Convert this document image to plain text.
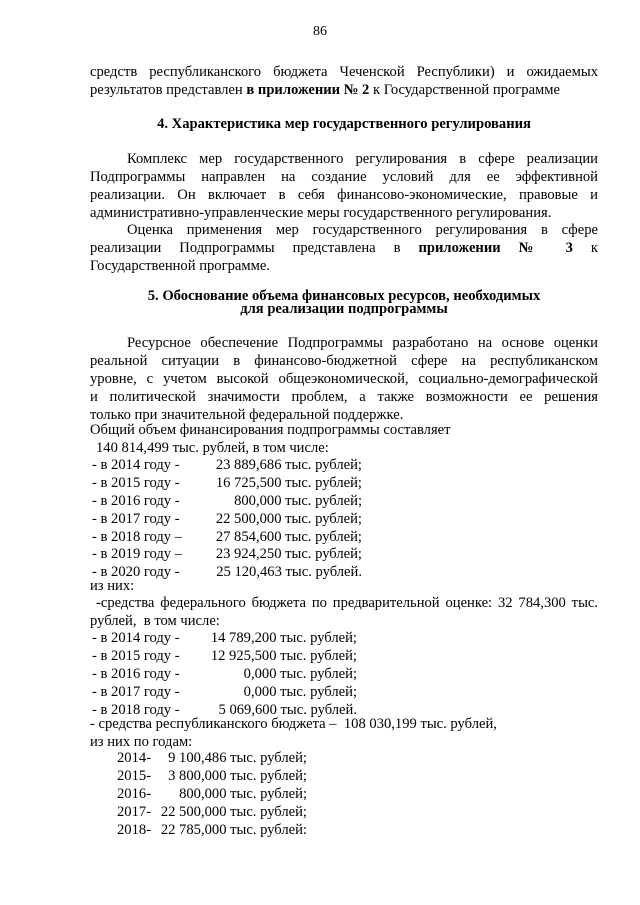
86

средств республиканского бюджета Чеченской Республики) и ожидаемых

результатов представлен в приложении № 2 к Государственной программе

4. Характеристика мер государственного регулирования

Комплекс мер государственного регулирования в сфере реализации

Подпрограммы направлен на создание условий для ее эффективной

реализации. Он включает в себя финансово-экономические, правовые и

административно-управленческие меры государственного регулирования.

Оценка применения мер государственного регулирования в сфере

реализации Подпрограммы представлена в приложении № 3 к

Государственной программе.

5. Обоснование объема финансовых ресурсов, необходимых
для реализации подпрограммы

Ресурсное обеспечение Подпрограммы разработано на основе оценки

реальной ситуации в финансово-бюджетной сфере на республиканском

уровне, с учетом высокой общеэкономической, социально-демографической

и политической значимости проблем, а также возможности ее решения

только при значительной федеральной поддержке.

Общий объем финансирования подпрограммы составляет
140 814,499 тыс. рублей, в том числе:
- в 2014 году - 23 889,686 тыс. рублей;
- в 2015 году - 16 725,500 тыс. рублей;
- в 2016 году -	800,000 тыс. рублей;
- в 2017 году - 22 500,000 тыс. рублей;
- в 2018 году – 27 854,600 тыс. рублей;
- в 2019 году – 23 924,250 тыс. рублей;
- в 2020 году -	25 120,463 тыс. рублей.
из них:

-средства федерального бюджета по предварительной оценке: 32 784,300 тыс.

рублей,  в том числе:
- в 2014 году - 14 789,200 тыс. рублей;
- в 2015 году - 12 925,500 тыс. рублей;
- в 2016 году -	0,000 тыс. рублей;
- в 2017 году -	0,000 тыс. рублей;
- в 2018 году -	5 069,600 тыс. рублей.
- средства республиканского бюджета –  108 030,199 тыс. рублей,
из них по годам:
2014- 9 100,486 тыс. рублей;
2015- 3 800,000 тыс. рублей;
2016- 800,000 тыс. рублей;
2017- 22 500,000 тыс. рублей;
2018- 22 785,000 тыс. рублей:
